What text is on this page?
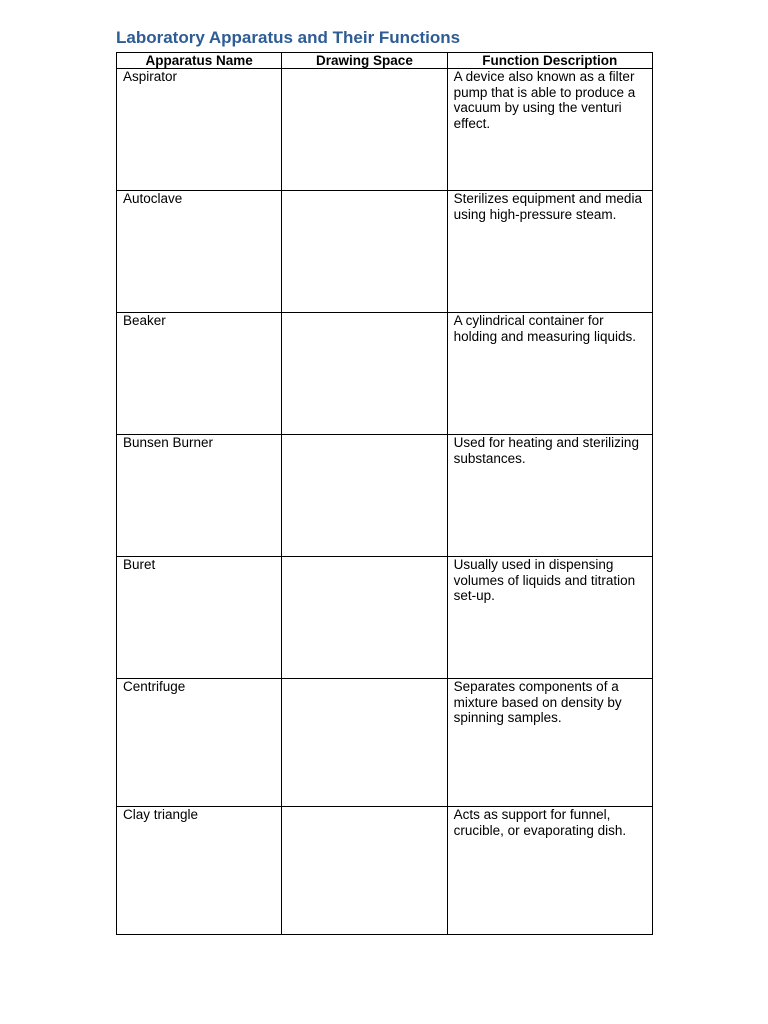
Laboratory Apparatus and Their Functions
Apparatus Name	Drawing Space	Function Description
Aspirator		A device also known as a filter pump that is able to produce a vacuum by using the venturi effect.
Autoclave		Sterilizes equipment and media using high-pressure steam.
Beaker		A cylindrical container for holding and measuring liquids.
Bunsen Burner		Used for heating and sterilizing substances.
Buret		Usually used in dispensing volumes of liquids and titration set-up.
Centrifuge		Separates components of a mixture based on density by spinning samples.
Clay triangle		Acts as support for funnel, crucible, or evaporating dish.
